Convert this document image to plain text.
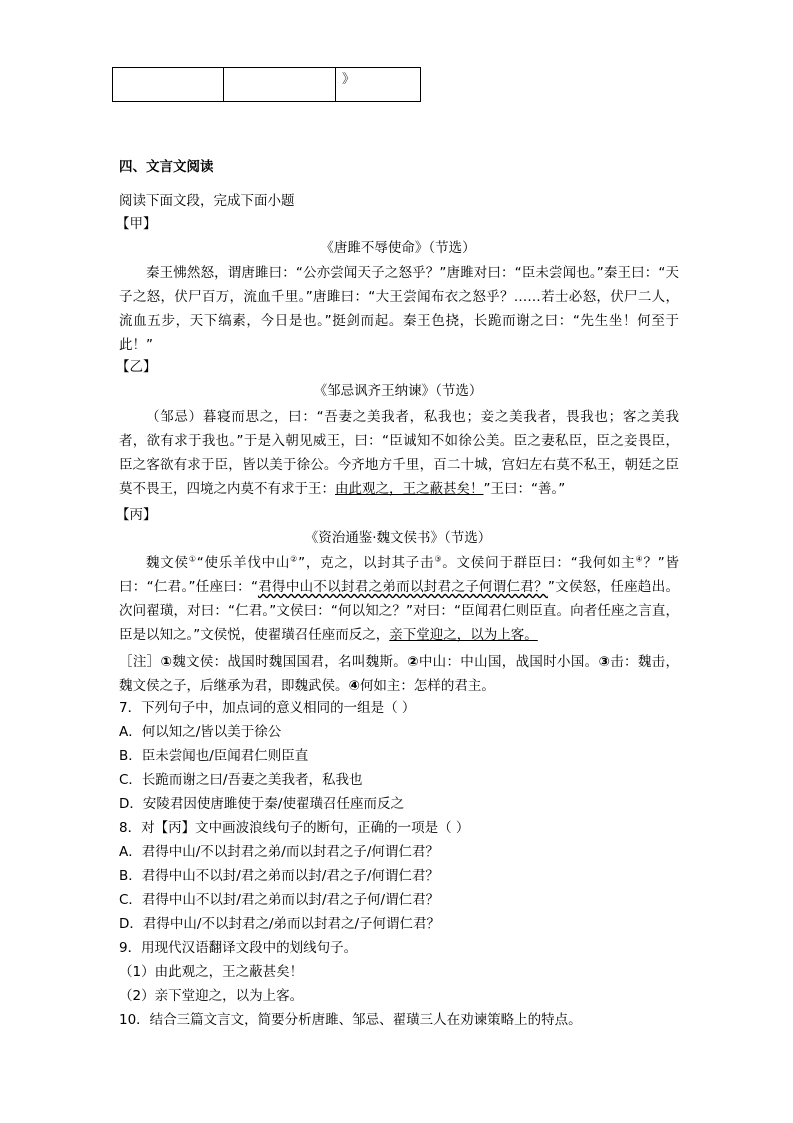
		》
四、文言文阅读
阅读下面文段，完成下面小题
【甲】
《唐雎不辱使命》（节选）
秦王怫然怒，谓唐雎曰：“公亦尝闻天子之怒乎？”唐雎对曰：“臣未尝闻也。”秦王曰：“天子之怒，伏尸百万，流血千里。”唐雎曰：“大王尝闻布衣之怒乎？……若士必怒，伏尸二人，流血五步，天下缟素，今日是也。”挺剑而起。秦王色挠，长跪而谢之曰：“先生坐！何至于此！”
【乙】
《邹忌讽齐王纳谏》（节选）
（邹忌）暮寝而思之，曰：“吾妻之美我者，私我也；妾之美我者，畏我也；客之美我者，欲有求于我也。”于是入朝见威王，曰：“臣诚知不如徐公美。臣之妻私臣，臣之妾畏臣，臣之客欲有求于臣，皆以美于徐公。今齐地方千里，百二十城，宫妇左右莫不私王，朝廷之臣莫不畏王，四境之内莫不有求于王：由此观之，王之蔽甚矣！”王曰：“善。”
【丙】
《资治通鉴·魏文侯书》（节选）
魏文侯①“使乐羊伐中山②”，克之，以封其子击③。文侯问于群臣曰：“我何如主④？”皆曰：“仁君。”任座曰：“君得中山不以封君之弟而以封君之子何谓仁君？”文侯怒，任座趋出。次问翟璜，对曰：“仁君。”文侯曰：“何以知之？”对曰：“臣闻君仁则臣直。向者任座之言直，臣是以知之。”文侯悦，使翟璜召任座而反之，亲下堂迎之，以为上客。
［注］①魏文侯：战国时魏国国君，名叫魏斯。②中山：中山国，战国时小国。③击：魏击，魏文侯之子，后继承为君，即魏武侯。④何如主：怎样的君主。
7．下列句子中，加点词的意义相同的一组是（ ）
A．何以知之/皆以美于徐公
B．臣未尝闻也/臣闻君仁则臣直
C．长跪而谢之曰/吾妻之美我者，私我也
D．安陵君因使唐雎使于秦/使翟璜召任座而反之
8．对【丙】文中画波浪线句子的断句，正确的一项是（ ）
A．君得中山/不以封君之弟/而以封君之子/何谓仁君？
B．君得中山不以封/君之弟而以封/君之子/何谓仁君？
C．君得中山不以封/君之弟而以封/君之子何/谓仁君？
D．君得中山/不以封君之/弟而以封君之/子何谓仁君？
9．用现代汉语翻译文段中的划线句子。
（1）由此观之，王之蔽甚矣！
（2）亲下堂迎之，以为上客。
10．结合三篇文言文，简要分析唐雎、邹忌、翟璜三人在劝谏策略上的特点。
